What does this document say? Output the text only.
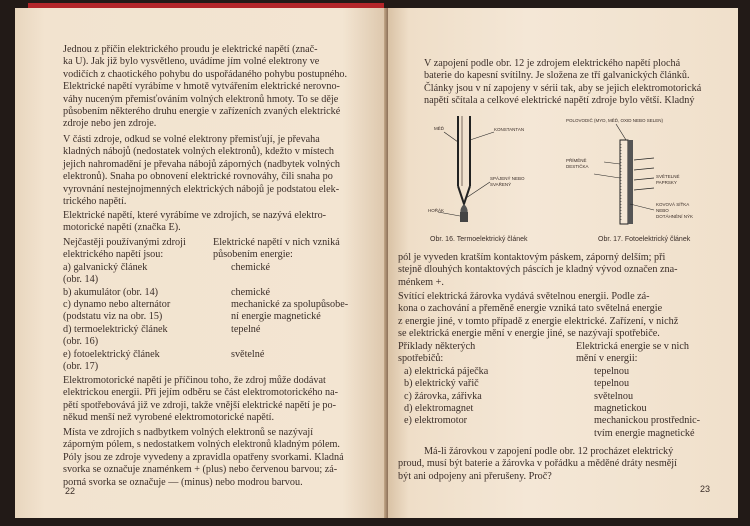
Jednou z příčin elektrického proudu je elektrické napětí (znač-
ka U). Jak již bylo vysvětleno, uvádíme jím volné elektrony ve
vodičích z chaotického pohybu do uspořádaného pohybu postupného.
Elektrické napětí vyrábíme v hmotě vytvářením elektrické nerovno-
váhy nuceným přemisťováním volných elektronů hmoty. To se děje
působením některého druhu energie v zařízeních zvaných elektrické
zdroje nebo jen zdroje.
V části zdroje, odkud se volné elektrony přemisťují, je převaha
kladných nábojů (nedostatek volných elektronů), kdežto v místech
jejich nahromadění je převaha nábojů záporných (nadbytek volných
elektronů). Snaha po obnovení elektrické rovnováhy, čili snaha po
vyrovnání nestejnojmenných elektrických nábojů je podstatou elek-
trického napětí.
Elektrické napětí, které vyrábíme ve zdrojích, se nazývá elektro-
motorické napětí (značka E).
Nejčastěji používanými zdroji
elektrického napětí jsou:
a) galvanický článek
(obr. 14)
b) akumulátor (obr. 14)
c) dynamo nebo alternátor
(podstatu viz na obr. 15)
d) termoelektrický článek
(obr. 16)
e) fotoelektrický článek
(obr. 17)
Elektrické napětí v nich vzniká
působením energie:
chemické

chemické
mechanické za spolupůsobe-
ní energie magnetické
tepelné

světelné
Elektromotorické napětí je příčinou toho, že zdroj může dodávat
elektrickou energii. Při jejím odběru se část elektromotorického na-
pětí spotřebovává již ve zdroji, takže vnější elektrické napětí je po-
někud menší než vyrobené elektromotorické napětí.
Místa ve zdrojích s nadbytkem volných elektronů se nazývají
záporným pólem, s nedostatkem volných elektronů kladným pólem.
Póly jsou ze zdroje vyvedeny a zpravidla opatřeny svorkami. Kladná
svorka se označuje znaménkem + (plus) nebo červenou barvou; zá-
porná svorka se označuje — (minus) nebo modrou barvou.
22
V zapojení podle obr. 12 je zdrojem elektrického napětí plochá
baterie do kapesní svítilny. Je složena ze tří galvanických článků.
Články jsou v ní zapojeny v sérii tak, aby se jejich elektromotorická
napětí sčítala a celkové elektrické napětí zdroje bylo větší. Kladný
MĚĎ	KONSTANTAN
SPÁJENÝ NEBO
SVAŘENÝ
HOŘÁK
Obr. 16. Termoelektrický článek
POLOVODIČ (MYD, MĚĎ, OXID NEBO SELEN)
PŘÍMĚNĚ
DESTIČKA
SVĚTELNÉ
PAPRSKY
KOVOVÁ SÍŤKA
NEBO
DOTÁHNĚNÍ NÝK
Obr. 17. Fotoelektrický článek
pól je vyveden kratším kontaktovým páskem, záporný delším; při
stejně dlouhých kontaktových páscích je kladný vývod označen zna-
ménkem +.
Svítící elektrická žárovka vydává světelnou energii. Podle zá-
kona o zachování a přeměně energie vzniká tato světelná energie
z energie jiné, v tomto případě z energie elektrické. Zařízení, v nichž
se elektrická energie mění v energie jiné, se nazývají spotřebiče.
Příklady některých
spotřebičů:
a) elektrická páječka
b) elektrický vařič
c) žárovka, zářivka
d) elektromagnet
e) elektromotor
Elektrická energie se v nich
mění v energii:
tepelnou
tepelnou
světelnou
magnetickou
mechanickou prostřednic-
tvím energie magnetické
Má-li žárovkou v zapojení podle obr. 12 procházet elektrický
proud, musí být baterie a žárovka v pořádku a měděné dráty nesmějí
být ani odpojeny ani přerušeny. Proč?
23
